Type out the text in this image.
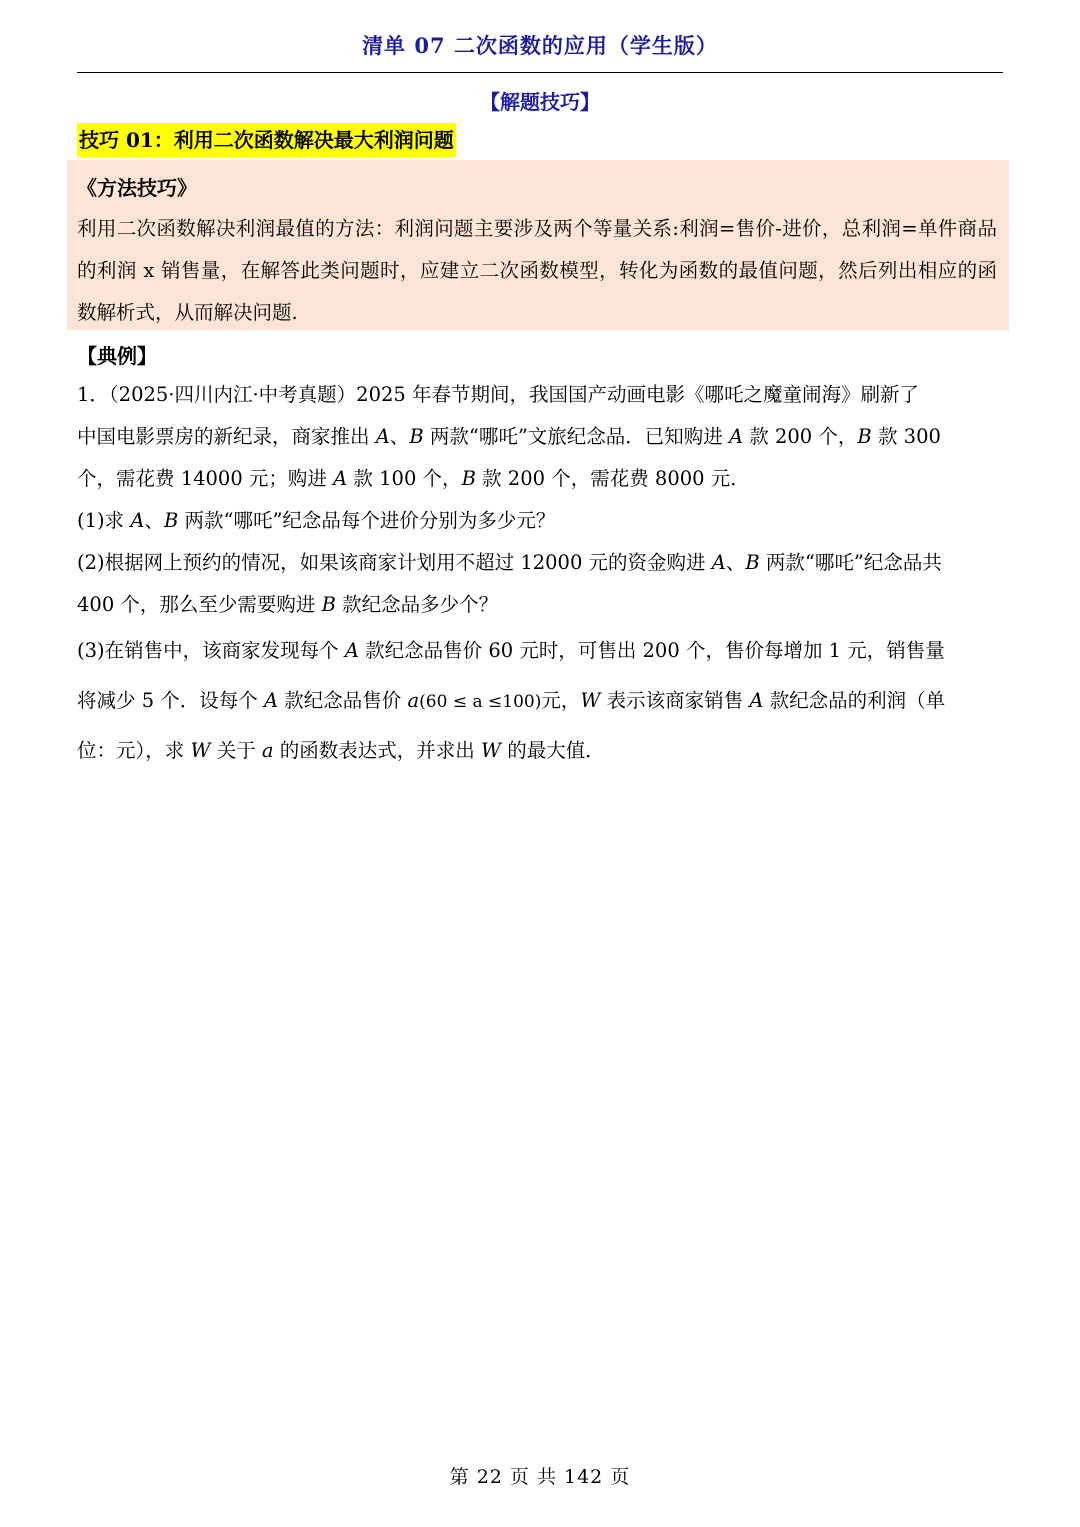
清单 07 二次函数的应用（学生版）
【解题技巧】
技巧 01：利用二次函数解决最大利润问题
《方法技巧》
利用二次函数解决利润最值的方法：利润问题主要涉及两个等量关系:利润=售价-进价，总利润=单件商品的利润 x 销售量，在解答此类问题时，应建立二次函数模型，转化为函数的最值问题，然后列出相应的函数解析式，从而解决问题.
【典例】
1．（2025·四川内江·中考真题）2025 年春节期间，我国国产动画电影《哪吒之魔童闹海》刷新了
中国电影票房的新纪录，商家推出 A、B 两款“哪吒”文旅纪念品．已知购进 A 款 200 个，B 款 300
个，需花费 14000 元；购进 A 款 100 个，B 款 200 个，需花费 8000 元．
(1)求 A、B 两款“哪吒”纪念品每个进价分别为多少元？
(2)根据网上预约的情况，如果该商家计划用不超过 12000 元的资金购进 A、B 两款“哪吒”纪念品共
400 个，那么至少需要购进 B 款纪念品多少个？
(3)在销售中，该商家发现每个 A 款纪念品售价 60 元时，可售出 200 个，售价每增加 1 元，销售量
将减少 5 个．设每个 A 款纪念品售价 a(60 ≤ a ≤100)元，W 表示该商家销售 A 款纪念品的利润（单
位：元），求 W 关于 a 的函数表达式，并求出 W 的最大值．
第 22 页 共 142 页
